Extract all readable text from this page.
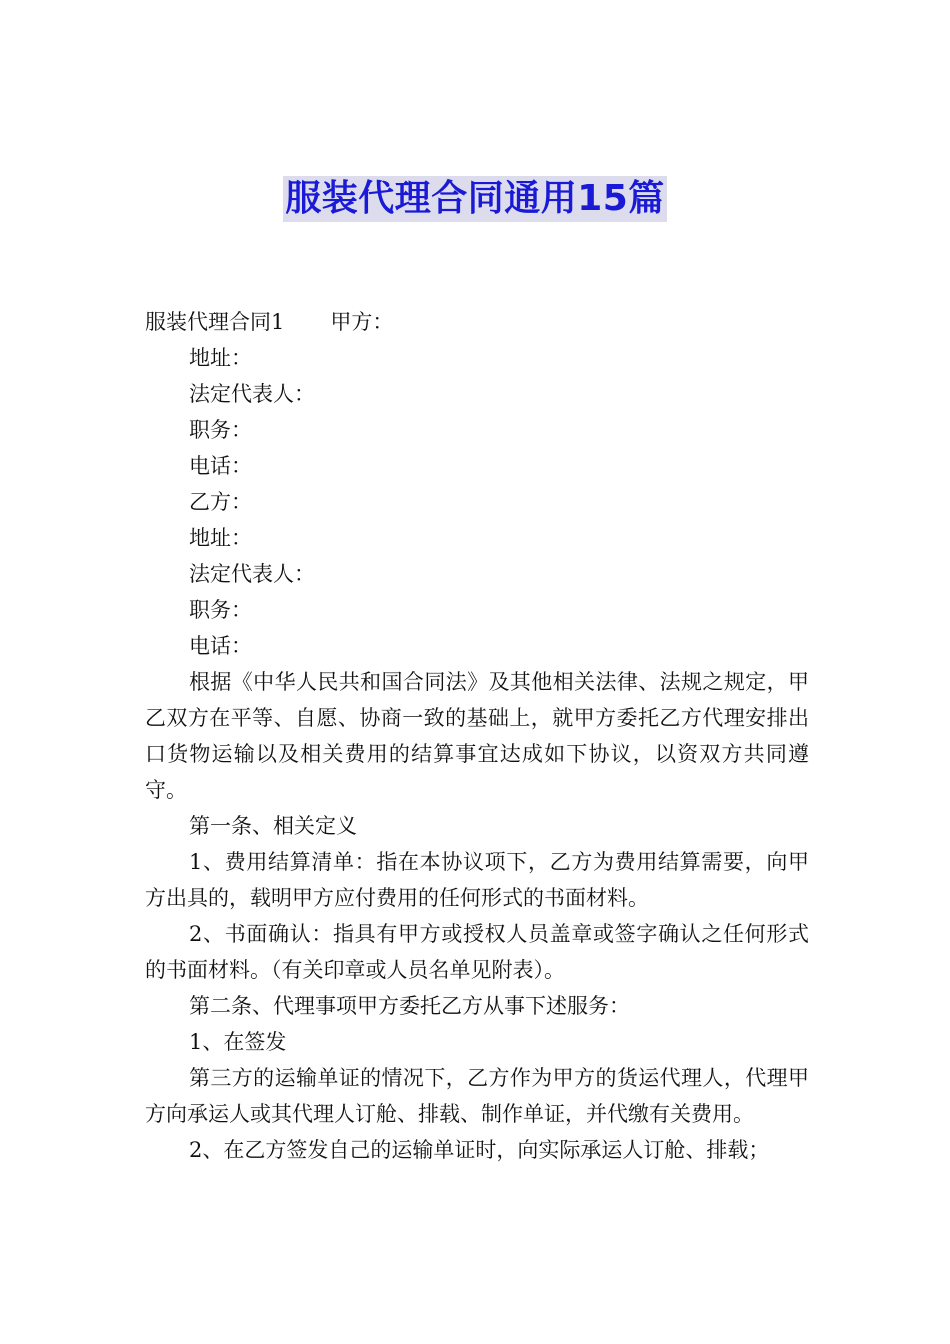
服装代理合同通用15篇

服装代理合同1 甲方：

地址：

法定代表人：

职务：

电话：

乙方：

地址：

法定代表人：

职务：

电话：

根据《中华人民共和国合同法》及其他相关法律、法规之规定，甲乙双方在平等、自愿、协商一致的基础上，就甲方委托乙方代理安排出口货物运输以及相关费用的结算事宜达成如下协议，以资双方共同遵守。

第一条、相关定义

1、费用结算清单：指在本协议项下，乙方为费用结算需要，向甲方出具的，载明甲方应付费用的任何形式的书面材料。

2、书面确认：指具有甲方或授权人员盖章或签字确认之任何形式的书面材料。（有关印章或人员名单见附表）。

第二条、代理事项甲方委托乙方从事下述服务：

1、在签发

第三方的运输单证的情况下，乙方作为甲方的货运代理人，代理甲方向承运人或其代理人订舱、排载、制作单证，并代缴有关费用。

2、在乙方签发自己的运输单证时，向实际承运人订舱、排载；
